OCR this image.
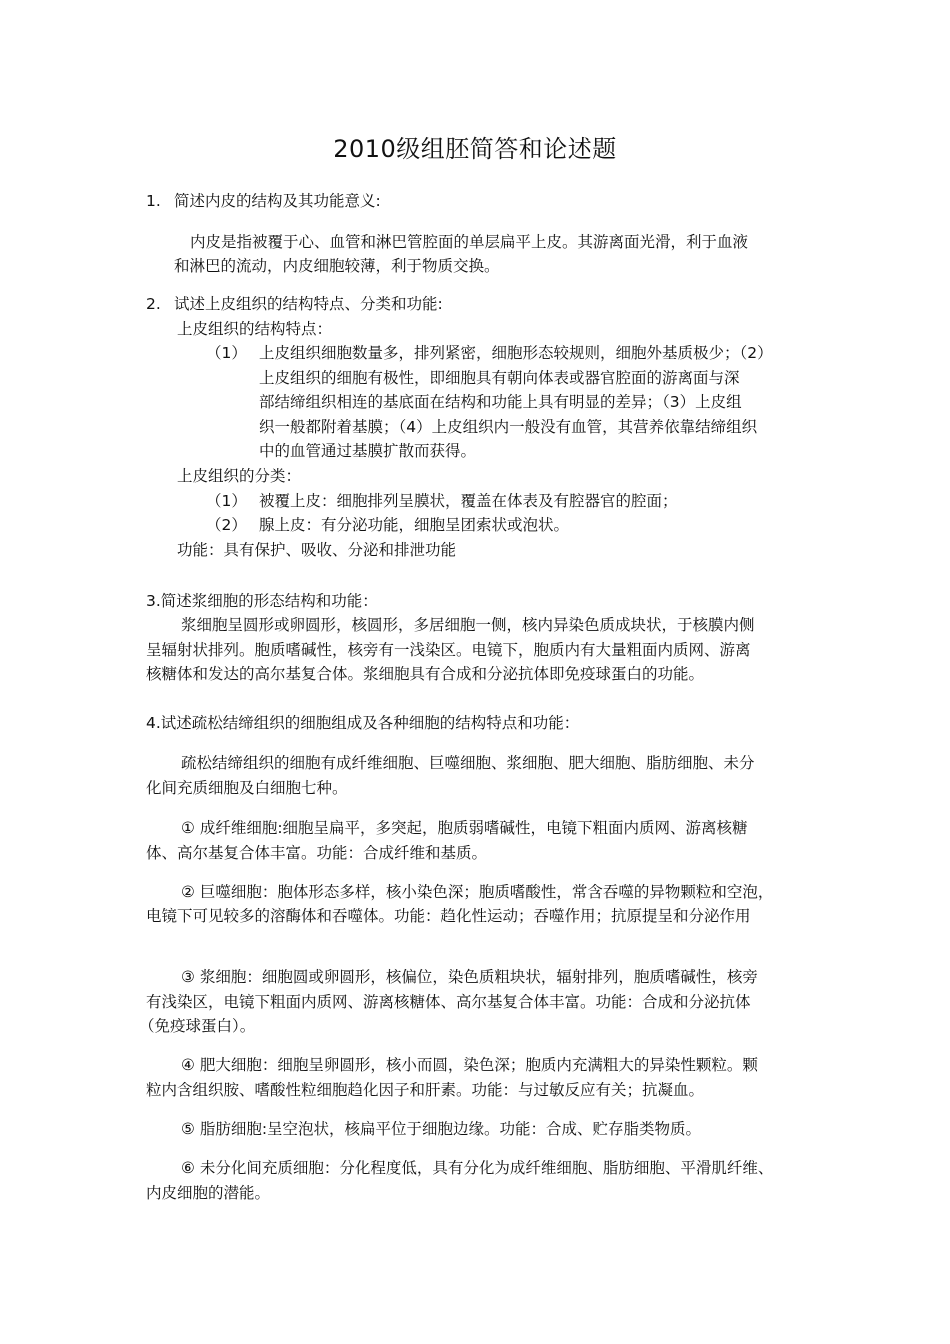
2010级组胚简答和论述题
1. 简述内皮的结构及其功能意义:
内皮是指被覆于心、血管和淋巴管腔面的单层扁平上皮。其游离面光滑，利于血液
和淋巴的流动，内皮细胞较薄，利于物质交换。
2. 试述上皮组织的结构特点、分类和功能:
上皮组织的结构特点：
（1） 上皮组织细胞数量多，排列紧密，细胞形态较规则，细胞外基质极少；（2）
上皮组织的细胞有极性，即细胞具有朝向体表或器官腔面的游离面与深
部结缔组织相连的基底面在结构和功能上具有明显的差异；（3）上皮组
织一般都附着基膜；（4）上皮组织内一般没有血管，其营养依靠结缔组织
中的血管通过基膜扩散而获得。
上皮组织的分类：
（1） 被覆上皮：细胞排列呈膜状，覆盖在体表及有腔器官的腔面；
（2） 腺上皮：有分泌功能，细胞呈团索状或泡状。
功能：具有保护、吸收、分泌和排泄功能
3.简述浆细胞的形态结构和功能：
浆细胞呈圆形或卵圆形，核圆形，多居细胞一侧，核内异染色质成块状，于核膜内侧
呈辐射状排列。胞质嗜碱性，核旁有一浅染区。电镜下，胞质内有大量粗面内质网、游离
核糖体和发达的高尔基复合体。浆细胞具有合成和分泌抗体即免疫球蛋白的功能。
4.试述疏松结缔组织的细胞组成及各种细胞的结构特点和功能：
疏松结缔组织的细胞有成纤维细胞、巨噬细胞、浆细胞、肥大细胞、脂肪细胞、未分
化间充质细胞及白细胞七种。
① 成纤维细胞:细胞呈扁平，多突起，胞质弱嗜碱性，电镜下粗面内质网、游离核糖
体、高尔基复合体丰富。功能：合成纤维和基质。
② 巨噬细胞：胞体形态多样，核小染色深；胞质嗜酸性，常含吞噬的异物颗粒和空泡，
电镜下可见较多的溶酶体和吞噬体。功能：趋化性运动；吞噬作用；抗原提呈和分泌作用
③ 浆细胞：细胞圆或卵圆形，核偏位，染色质粗块状，辐射排列，胞质嗜碱性，核旁
有浅染区，电镜下粗面内质网、游离核糖体、高尔基复合体丰富。功能：合成和分泌抗体
（免疫球蛋白）。
④ 肥大细胞：细胞呈卵圆形，核小而圆，染色深；胞质内充满粗大的异染性颗粒。颗
粒内含组织胺、嗜酸性粒细胞趋化因子和肝素。功能：与过敏反应有关；抗凝血。
⑤ 脂肪细胞:呈空泡状，核扁平位于细胞边缘。功能：合成、贮存脂类物质。
⑥ 未分化间充质细胞：分化程度低，具有分化为成纤维细胞、脂肪细胞、平滑肌纤维、
内皮细胞的潜能。
